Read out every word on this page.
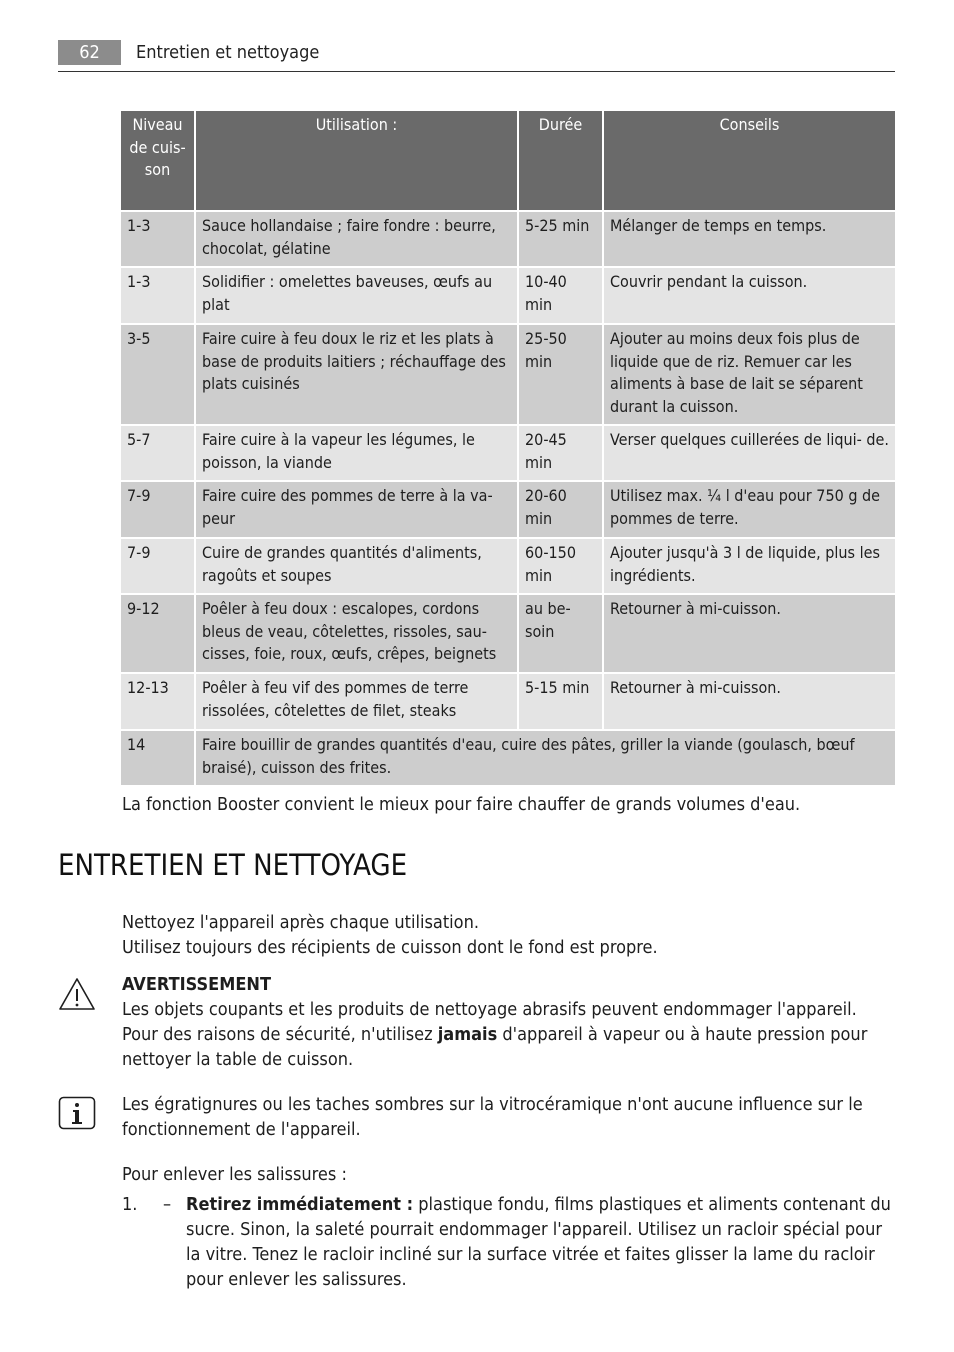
62	Entretien et nettoyage
Niveau de cuis- son	Utilisation :	Durée	Conseils
1-3	Sauce hollandaise ; faire fondre : beurre, chocolat, gélatine	5-25 min	Mélanger de temps en temps.
1-3	Solidifier : omelettes baveuses, œufs au plat	10-40 min	Couvrir pendant la cuisson.
3-5	Faire cuire à feu doux le riz et les plats à base de produits laitiers ; réchauffage des plats cuisinés	25-50 min	Ajouter au moins deux fois plus de liquide que de riz. Remuer car les aliments à base de lait se séparent durant la cuisson.
5-7	Faire cuire à la vapeur les légumes, le poisson, la viande	20-45 min	Verser quelques cuillerées de liqui- de.
7-9	Faire cuire des pommes de terre à la va- peur	20-60 min	Utilisez max. ¼ l d'eau pour 750 g de pommes de terre.
7-9	Cuire de grandes quantités d'aliments, ragoûts et soupes	60-150 min	Ajouter jusqu'à 3 l de liquide, plus les ingrédients.
9-12	Poêler à feu doux : escalopes, cordons bleus de veau, côtelettes, rissoles, sau- cisses, foie, roux, œufs, crêpes, beignets	au be- soin	Retourner à mi-cuisson.
12-13	Poêler à feu vif des pommes de terre rissolées, côtelettes de filet, steaks	5-15 min	Retourner à mi-cuisson.
14	Faire bouillir de grandes quantités d'eau, cuire des pâtes, griller la viande (goulasch, bœuf braisé), cuisson des frites.		
La fonction Booster convient le mieux pour faire chauffer de grands volumes d'eau.
ENTRETIEN ET NETTOYAGE
Nettoyez l'appareil après chaque utilisation.
Utilisez toujours des récipients de cuisson dont le fond est propre.
AVERTISSEMENT
Les objets coupants et les produits de nettoyage abrasifs peuvent endommager l'appareil.
Pour des raisons de sécurité, n'utilisez jamais d'appareil à vapeur ou à haute pression pour nettoyer la table de cuisson.
Les égratignures ou les taches sombres sur la vitrocéramique n'ont aucune influence sur le fonctionnement de l'appareil.
Pour enlever les salissures :
1. – Retirez immédiatement : plastique fondu, films plastiques et aliments contenant du sucre. Sinon, la saleté pourrait endommager l'appareil. Utilisez un racloir spécial pour la vitre. Tenez le racloir incliné sur la surface vitrée et faites glisser la lame du racloir pour enlever les salissures.
